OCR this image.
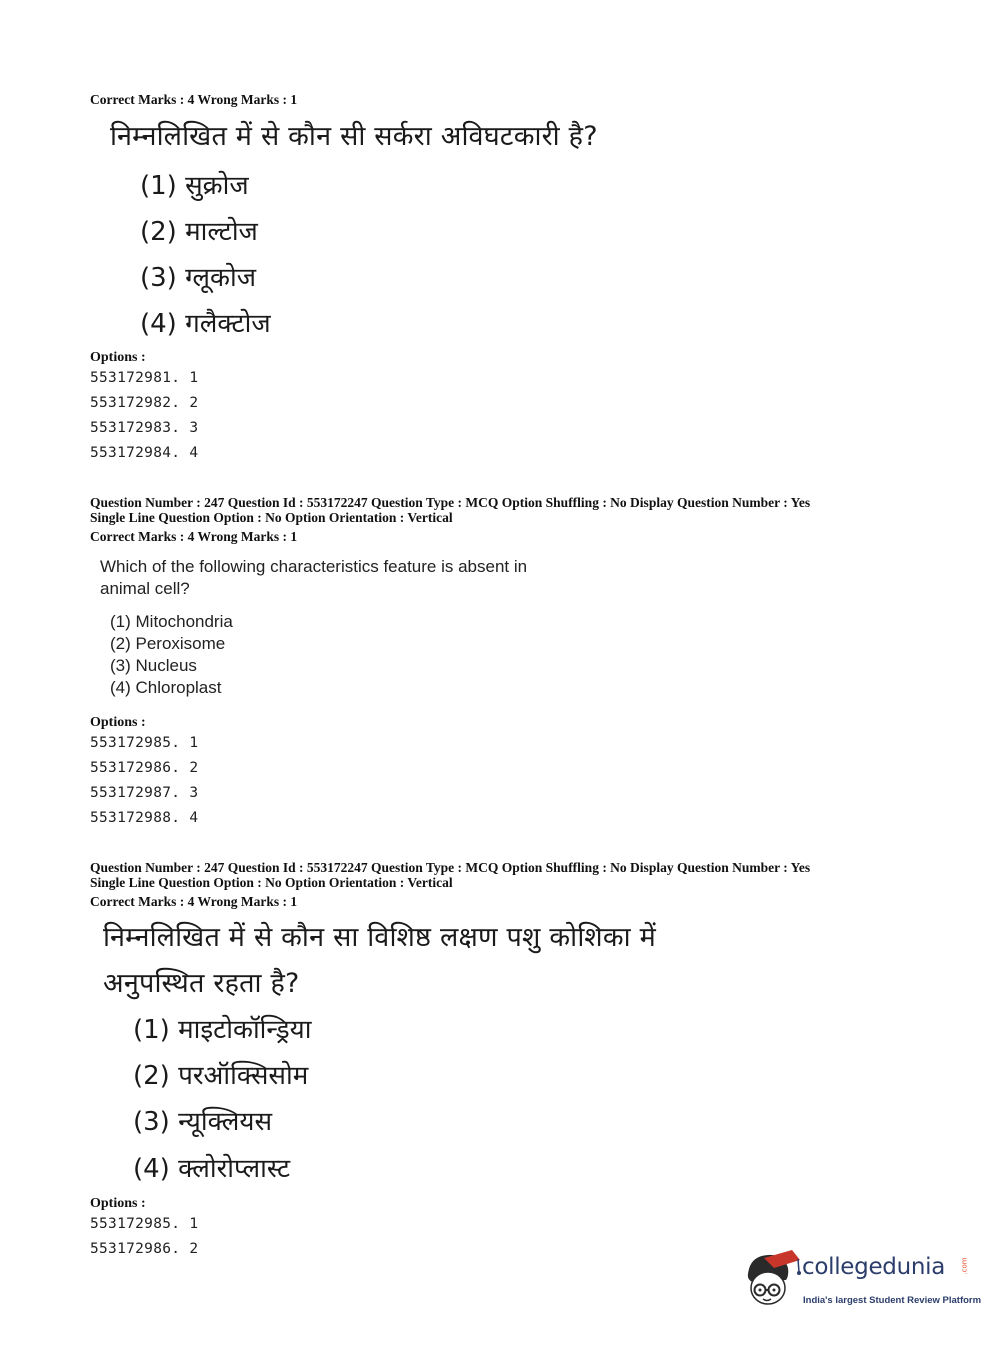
Correct Marks : 4 Wrong Marks : 1
निम्नलिखित में से कौन सी सर्करा अविघटकारी है?
(1) सुक्रोज
(2) माल्टोज
(3) ग्लूकोज
(4) गलैक्टोज
Options :
553172981. 1
553172982. 2
553172983. 3
553172984. 4
Question Number : 247 Question Id : 553172247 Question Type : MCQ Option Shuffling : No Display Question Number : Yes
Single Line Question Option : No Option Orientation : Vertical
Correct Marks : 4 Wrong Marks : 1
Which of the following characteristics feature is absent in
animal cell?
(1) Mitochondria
(2) Peroxisome
(3) Nucleus
(4) Chloroplast
Options :
553172985. 1
553172986. 2
553172987. 3
553172988. 4
Question Number : 247 Question Id : 553172247 Question Type : MCQ Option Shuffling : No Display Question Number : Yes
Single Line Question Option : No Option Orientation : Vertical
Correct Marks : 4 Wrong Marks : 1
निम्नलिखित में से कौन सा विशिष्ठ लक्षण पशु कोशिका में
अनुपस्थित रहता है?
(1) माइटोकॉन्ड्रिया
(2) परऑक्सिसोम
(3) न्यूक्लियस
(4) क्लोरोप्लास्ट
Options :
553172985. 1
553172986. 2
collegedunia .com
India's largest Student Review Platform
